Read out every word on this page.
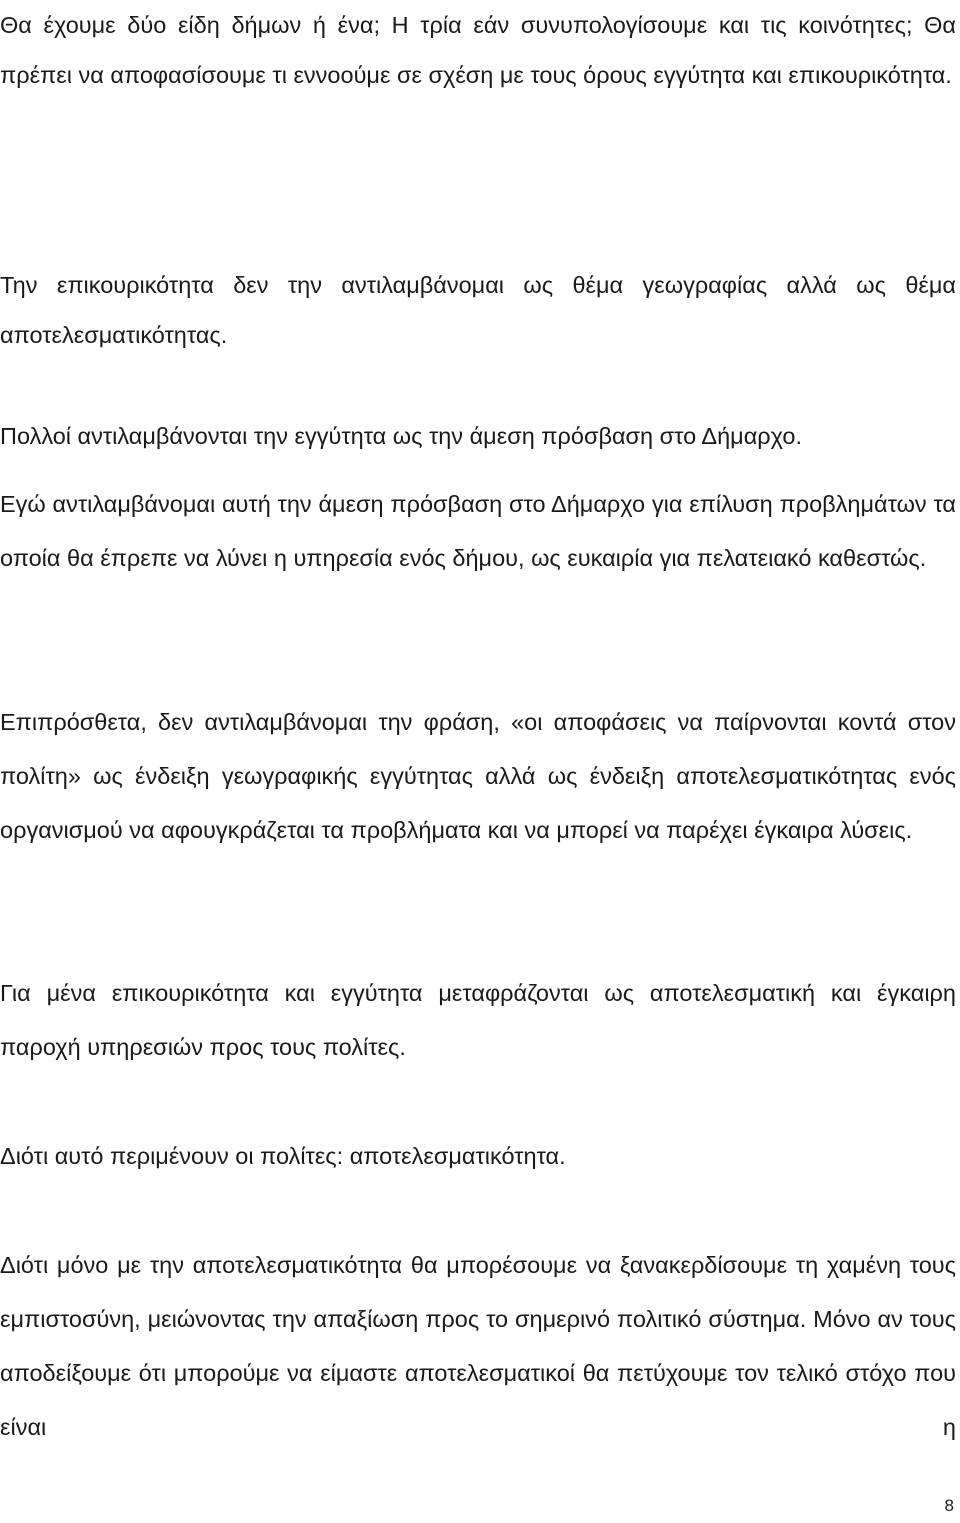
Θα έχουμε δύο είδη δήμων ή ένα; Η τρία εάν συνυπολογίσουμε και τις κοινότητες; Θα πρέπει να αποφασίσουμε τι εννοούμε σε σχέση με τους όρους εγγύτητα και επικουρικότητα.

Την επικουρικότητα δεν την αντιλαμβάνομαι ως θέμα γεωγραφίας αλλά ως θέμα αποτελεσματικότητας.

Πολλοί αντιλαμβάνονται την εγγύτητα ως την άμεση πρόσβαση στο Δήμαρχο.

Εγώ αντιλαμβάνομαι αυτή την άμεση πρόσβαση στο Δήμαρχο για επίλυση προβλημάτων τα οποία θα έπρεπε να λύνει η υπηρεσία ενός δήμου, ως ευκαιρία για πελατειακό καθεστώς.

Επιπρόσθετα, δεν αντιλαμβάνομαι την φράση, «οι αποφάσεις να παίρνονται κοντά στον πολίτη» ως ένδειξη γεωγραφικής εγγύτητας αλλά ως ένδειξη αποτελεσματικότητας ενός οργανισμού να αφουγκράζεται τα προβλήματα και να μπορεί να παρέχει έγκαιρα λύσεις.

Για μένα επικουρικότητα και εγγύτητα μεταφράζονται ως αποτελεσματική και έγκαιρη παροχή υπηρεσιών προς τους πολίτες.

Διότι αυτό περιμένουν οι πολίτες: αποτελεσματικότητα.

Διότι μόνο με την αποτελεσματικότητα θα μπορέσουμε να ξανακερδίσουμε τη χαμένη τους εμπιστοσύνη, μειώνοντας την απαξίωση προς το σημερινό πολιτικό σύστημα. Μόνο αν τους αποδείξουμε ότι μπορούμε να είμαστε αποτελεσματικοί θα πετύχουμε τον τελικό στόχο που είναι η

8
